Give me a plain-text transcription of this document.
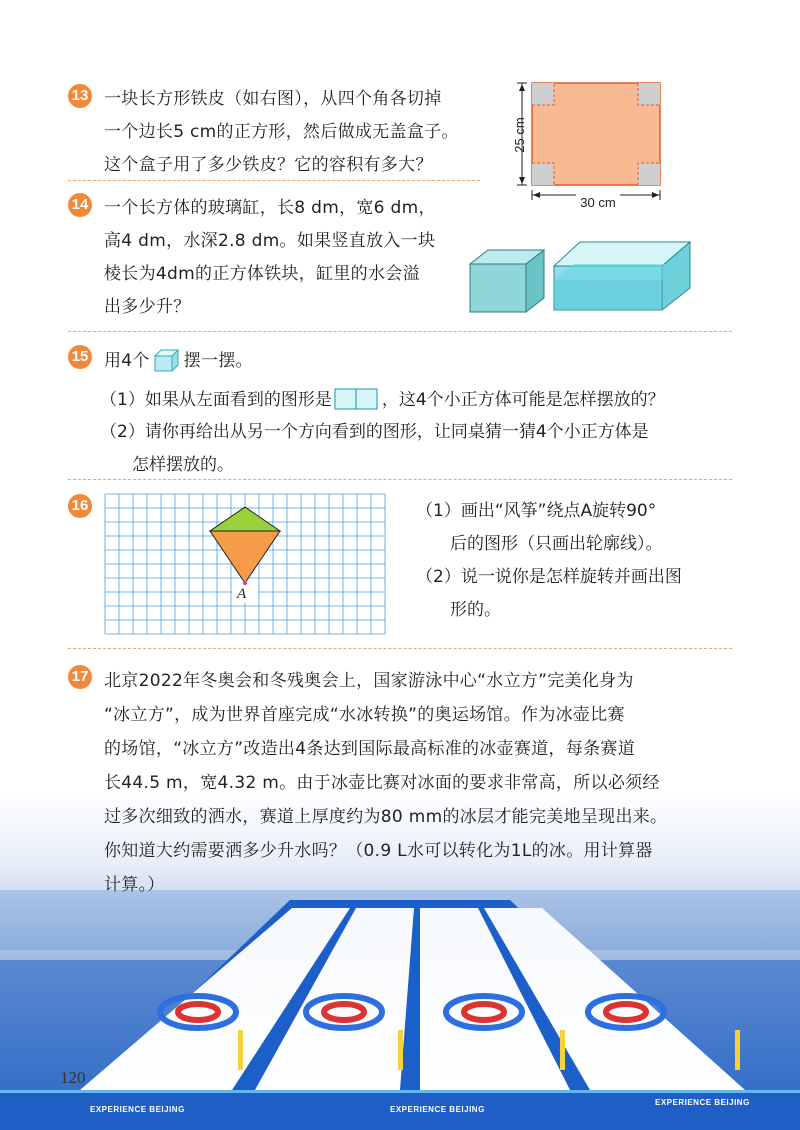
13 一块长方形铁皮（如右图），从四个角各切掉
一个边长5 cm的正方形，然后做成无盖盒子。
这个盒子用了多少铁皮？它的容积有多大？
25 cm
30 cm
14 一个长方体的玻璃缸，长8 dm，宽6 dm，
高4 dm，水深2.8 dm。如果竖直放入一块
棱长为4dm的正方体铁块，缸里的水会溢
出多少升？
15 用4个 摆一摆。
（1）如果从左面看到的图形是	，这4个小正方体可能是怎样摆放的？
（2）请你再给出从另一个方向看到的图形，让同桌猜一猜4个小正方体是
怎样摆放的。
16
A
（1）画出“风筝”绕点A旋转90°
后的图形（只画出轮廓线）。
（2）说一说你是怎样旋转并画出图
形的。
EXPERIENCE BEIJING	EXPERIENCE BEIJING
EXPERIENCE BEIJING
17 北京2022年冬奥会和冬残奥会上，国家游泳中心“水立方”完美化身为
“冰立方”，成为世界首座完成“水冰转换”的奥运场馆。作为冰壶比赛
的场馆，“冰立方”改造出4条达到国际最高标准的冰壶赛道，每条赛道
长44.5 m，宽4.32 m。由于冰壶比赛对冰面的要求非常高，所以必须经
过多次细致的洒水，赛道上厚度约为80 mm的冰层才能完美地呈现出来。
你知道大约需要洒多少升水吗？（0.9 L水可以转化为1L的冰。用计算器
计算。）
120
